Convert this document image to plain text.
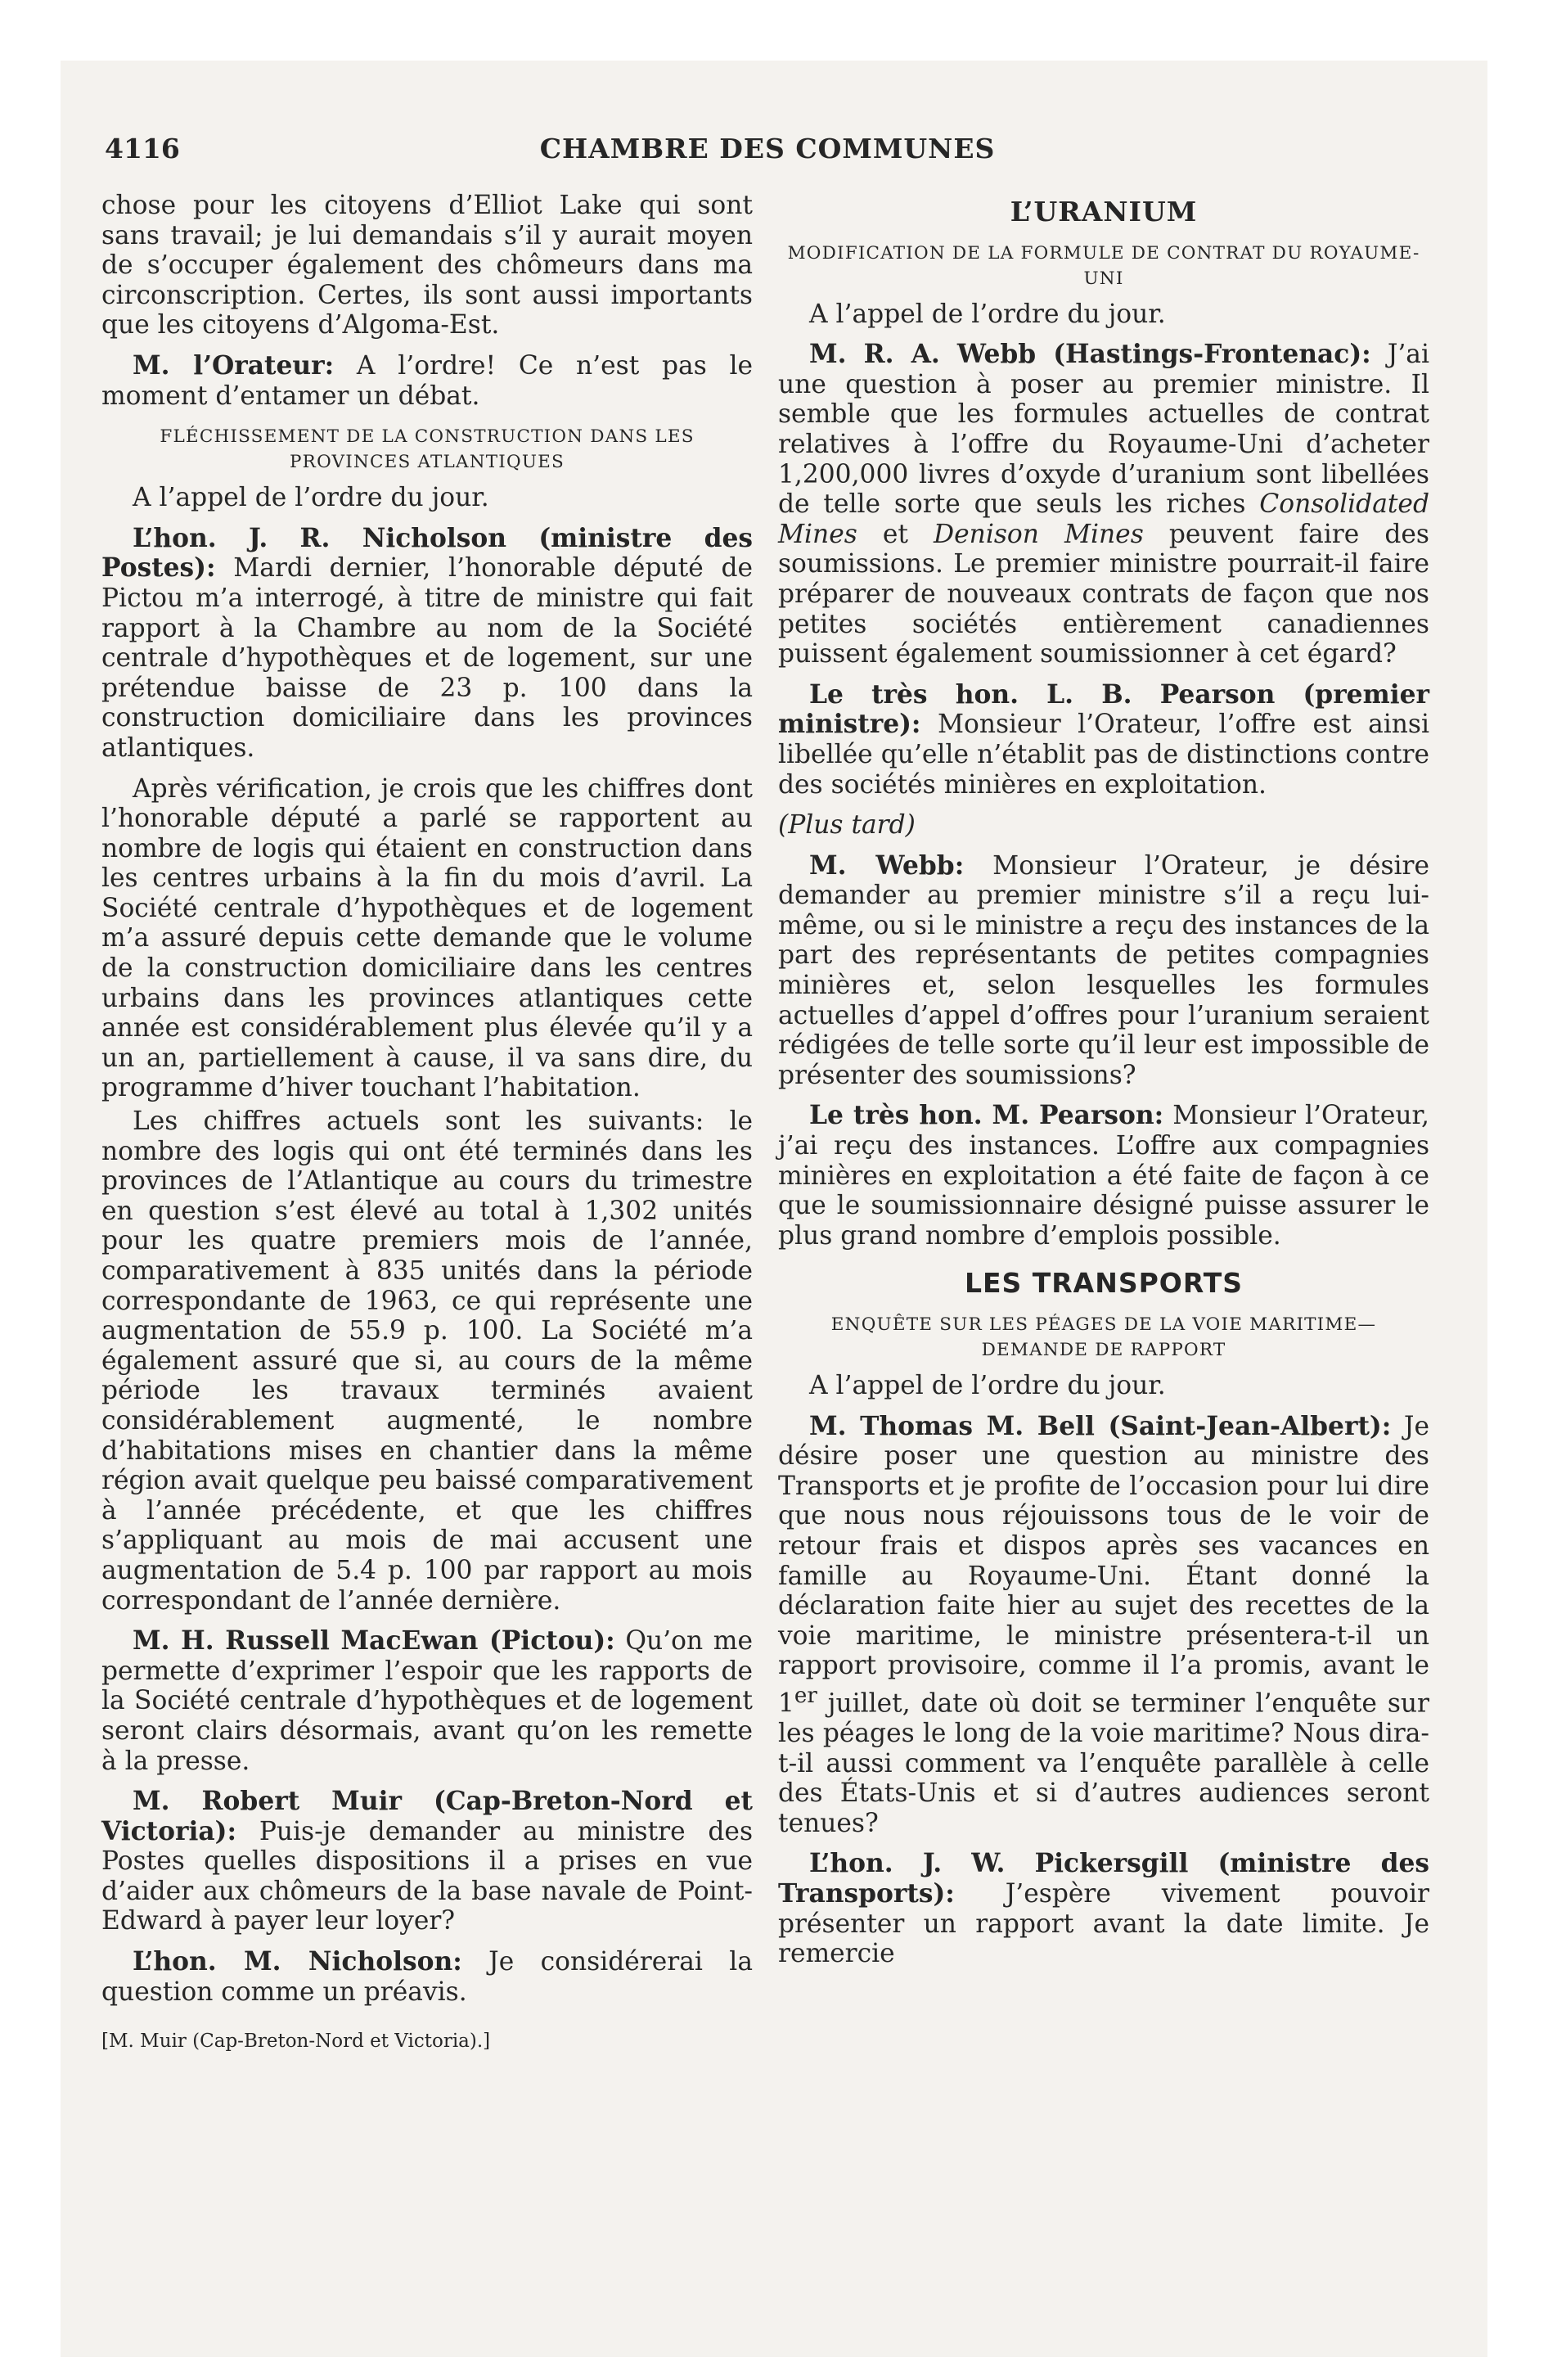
4116	CHAMBRE DES COMMUNES

chose pour les citoyens d’Elliot Lake qui sont sans travail; je lui demandais s’il y aurait moyen de s’occuper également des chômeurs dans ma circonscription. Certes, ils sont aussi importants que les citoyens d’Algoma-Est.

M. l’Orateur: A l’ordre! Ce n’est pas le moment d’entamer un débat.

FLÉCHISSEMENT DE LA CONSTRUCTION DANS LES PROVINCES ATLANTIQUES

A l’appel de l’ordre du jour.

L’hon. J. R. Nicholson (ministre des Postes): Mardi dernier, l’honorable député de Pictou m’a interrogé, à titre de ministre qui fait rapport à la Chambre au nom de la Société centrale d’hypothèques et de logement, sur une prétendue baisse de 23 p. 100 dans la construction domiciliaire dans les provinces atlantiques.

Après vérification, je crois que les chiffres dont l’honorable député a parlé se rapportent au nombre de logis qui étaient en construction dans les centres urbains à la fin du mois d’avril. La Société centrale d’hypothèques et de logement m’a assuré depuis cette demande que le volume de la construction domiciliaire dans les centres urbains dans les provinces atlantiques cette année est considérablement plus élevée qu’il y a un an, partiellement à cause, il va sans dire, du programme d’hiver touchant l’habitation.

Les chiffres actuels sont les suivants: le nombre des logis qui ont été terminés dans les provinces de l’Atlantique au cours du trimestre en question s’est élevé au total à 1,302 unités pour les quatre premiers mois de l’année, comparativement à 835 unités dans la période correspondante de 1963, ce qui représente une augmentation de 55.9 p. 100. La Société m’a également assuré que si, au cours de la même période les travaux terminés avaient considérablement augmenté, le nombre d’habitations mises en chantier dans la même région avait quelque peu baissé comparativement à l’année précédente, et que les chiffres s’appliquant au mois de mai accusent une augmentation de 5.4 p. 100 par rapport au mois correspondant de l’année dernière.

M. H. Russell MacEwan (Pictou): Qu’on me permette d’exprimer l’espoir que les rapports de la Société centrale d’hypothèques et de logement seront clairs désormais, avant qu’on les remette à la presse.

M. Robert Muir (Cap-Breton-Nord et Victoria): Puis-je demander au ministre des Postes quelles dispositions il a prises en vue d’aider aux chômeurs de la base navale de Point-Edward à payer leur loyer?

L’hon. M. Nicholson: Je considérerai la question comme un préavis.

[M. Muir (Cap-Breton-Nord et Victoria).]
L’URANIUM
MODIFICATION DE LA FORMULE DE CONTRAT DU ROYAUME-UNI

A l’appel de l’ordre du jour.

M. R. A. Webb (Hastings-Frontenac): J’ai une question à poser au premier ministre. Il semble que les formules actuelles de contrat relatives à l’offre du Royaume-Uni d’acheter 1,200,000 livres d’oxyde d’uranium sont libellées de telle sorte que seuls les riches Consolidated Mines et Denison Mines peuvent faire des soumissions. Le premier ministre pourrait-il faire préparer de nouveaux contrats de façon que nos petites sociétés entièrement canadiennes puissent également soumissionner à cet égard?

Le très hon. L. B. Pearson (premier ministre): Monsieur l’Orateur, l’offre est ainsi libellée qu’elle n’établit pas de distinctions contre des sociétés minières en exploitation.

(Plus tard)

M. Webb: Monsieur l’Orateur, je désire demander au premier ministre s’il a reçu lui-même, ou si le ministre a reçu des instances de la part des représentants de petites compagnies minières et, selon lesquelles les formules actuelles d’appel d’offres pour l’uranium seraient rédigées de telle sorte qu’il leur est impossible de présenter des soumissions?

Le très hon. M. Pearson: Monsieur l’Orateur, j’ai reçu des instances. L’offre aux compagnies minières en exploitation a été faite de façon à ce que le soumissionnaire désigné puisse assurer le plus grand nombre d’emplois possible.

LES TRANSPORTS
ENQUÊTE SUR LES PÉAGES DE LA VOIE MARITIME—DEMANDE DE RAPPORT

A l’appel de l’ordre du jour.

M. Thomas M. Bell (Saint-Jean-Albert): Je désire poser une question au ministre des Transports et je profite de l’occasion pour lui dire que nous nous réjouissons tous de le voir de retour frais et dispos après ses vacances en famille au Royaume-Uni. Étant donné la déclaration faite hier au sujet des recettes de la voie maritime, le ministre présentera-t-il un rapport provisoire, comme il l’a promis, avant le 1er juillet, date où doit se terminer l’enquête sur les péages le long de la voie maritime? Nous dira-t-il aussi comment va l’enquête parallèle à celle des États-Unis et si d’autres audiences seront tenues?

L’hon. J. W. Pickersgill (ministre des Transports): J’espère vivement pouvoir présenter un rapport avant la date limite. Je remercie
